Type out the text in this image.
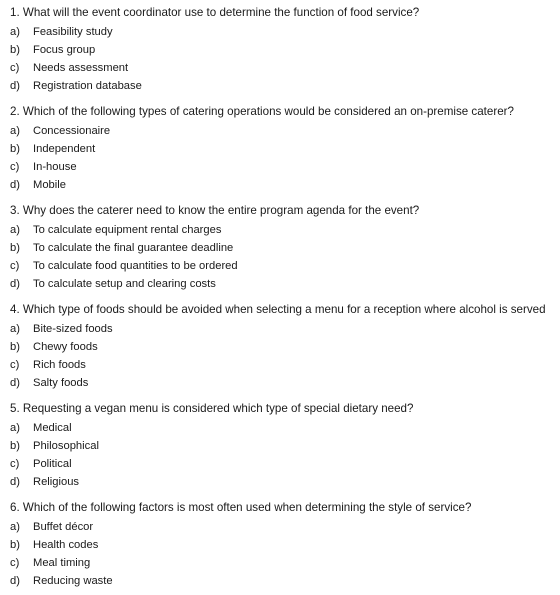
1. What will the event coordinator use to determine the function of food service?
a)	Feasibility study
b)	Focus group
c)	Needs assessment
d)	Registration database
2. Which of the following types of catering operations would be considered an on-premise caterer?
a)	Concessionaire
b)	Independent
c)	In-house
d)	Mobile
3. Why does the caterer need to know the entire program agenda for the event?
a)	To calculate equipment rental charges
b)	To calculate the final guarantee deadline
c)	To calculate food quantities to be ordered
d)	To calculate setup and clearing costs
4. Which type of foods should be avoided when selecting a menu for a reception where alcohol is served
a)	Bite-sized foods
b)	Chewy foods
c)	Rich foods
d)	Salty foods
5. Requesting a vegan menu is considered which type of special dietary need?
a)	Medical
b)	Philosophical
c)	Political
d)	Religious
6. Which of the following factors is most often used when determining the style of service?
a)	Buffet décor
b)	Health codes
c)	Meal timing
d)	Reducing waste
